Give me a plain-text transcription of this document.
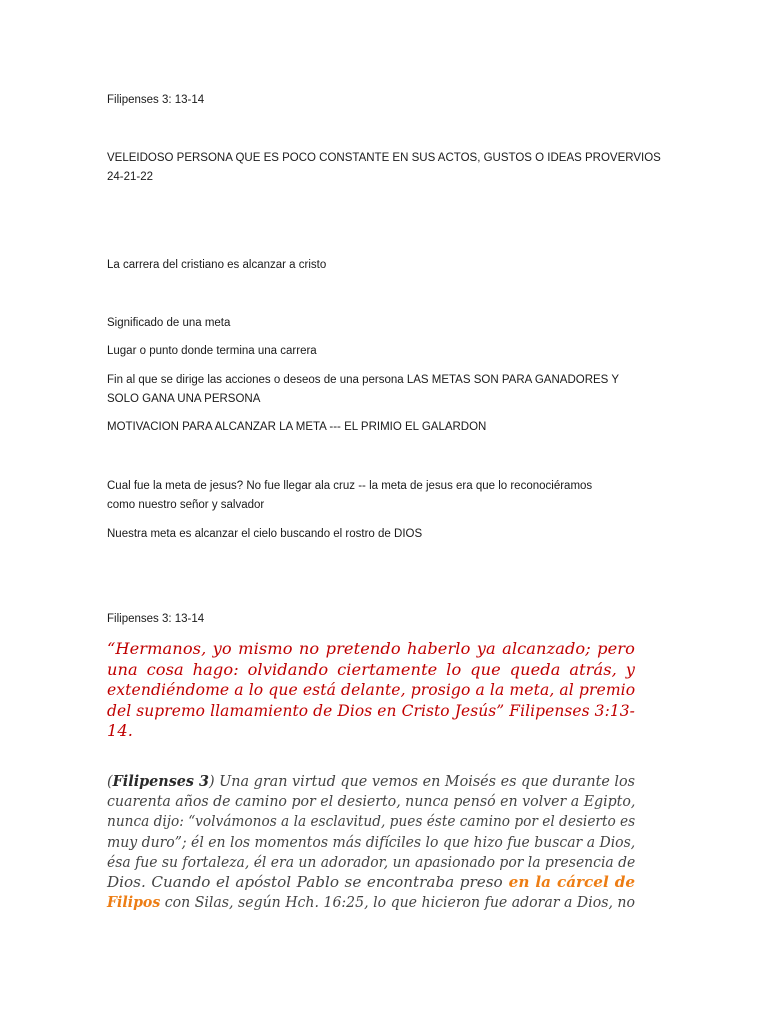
Filipenses 3: 13-14

VELEIDOSO PERSONA QUE ES POCO CONSTANTE EN SUS ACTOS, GUSTOS O IDEAS PROVERVIOS

24-21-22

La carrera del cristiano es alcanzar a cristo

Significado de una meta

Lugar o punto donde termina una carrera

Fin al que se dirige las acciones o deseos de una persona LAS METAS SON PARA GANADORES Y

SOLO GANA UNA PERSONA

MOTIVACION PARA ALCANZAR LA META --- EL PRIMIO EL GALARDON

Cual fue la meta de jesus? No fue llegar ala cruz -- la meta de jesus era que lo reconociéramos

como nuestro señor y salvador

Nuestra meta es alcanzar el cielo buscando el rostro de DIOS

Filipenses 3: 13-14

“Hermanos, yo mismo no pretendo haberlo ya alcanzado; pero
una cosa hago: olvidando ciertamente lo que queda atrás, y
extendiéndome a lo que está delante, prosigo a la meta, al premio
del supremo llamamiento de Dios en Cristo Jesús” Filipenses 3:13-
14.
(Filipenses 3) Una gran virtud que vemos en Moisés es que durante los
cuarenta años de camino por el desierto, nunca pensó en volver a Egipto,
nunca dijo: “volvámonos a la esclavitud, pues éste camino por el desierto es
muy duro”; él en los momentos más difíciles lo que hizo fue buscar a Dios,
ésa fue su fortaleza, él era un adorador, un apasionado por la presencia de
Dios. Cuando el apóstol Pablo se encontraba preso en la cárcel de
Filipos con Silas, según Hch. 16:25, lo que hicieron fue adorar a Dios, no
